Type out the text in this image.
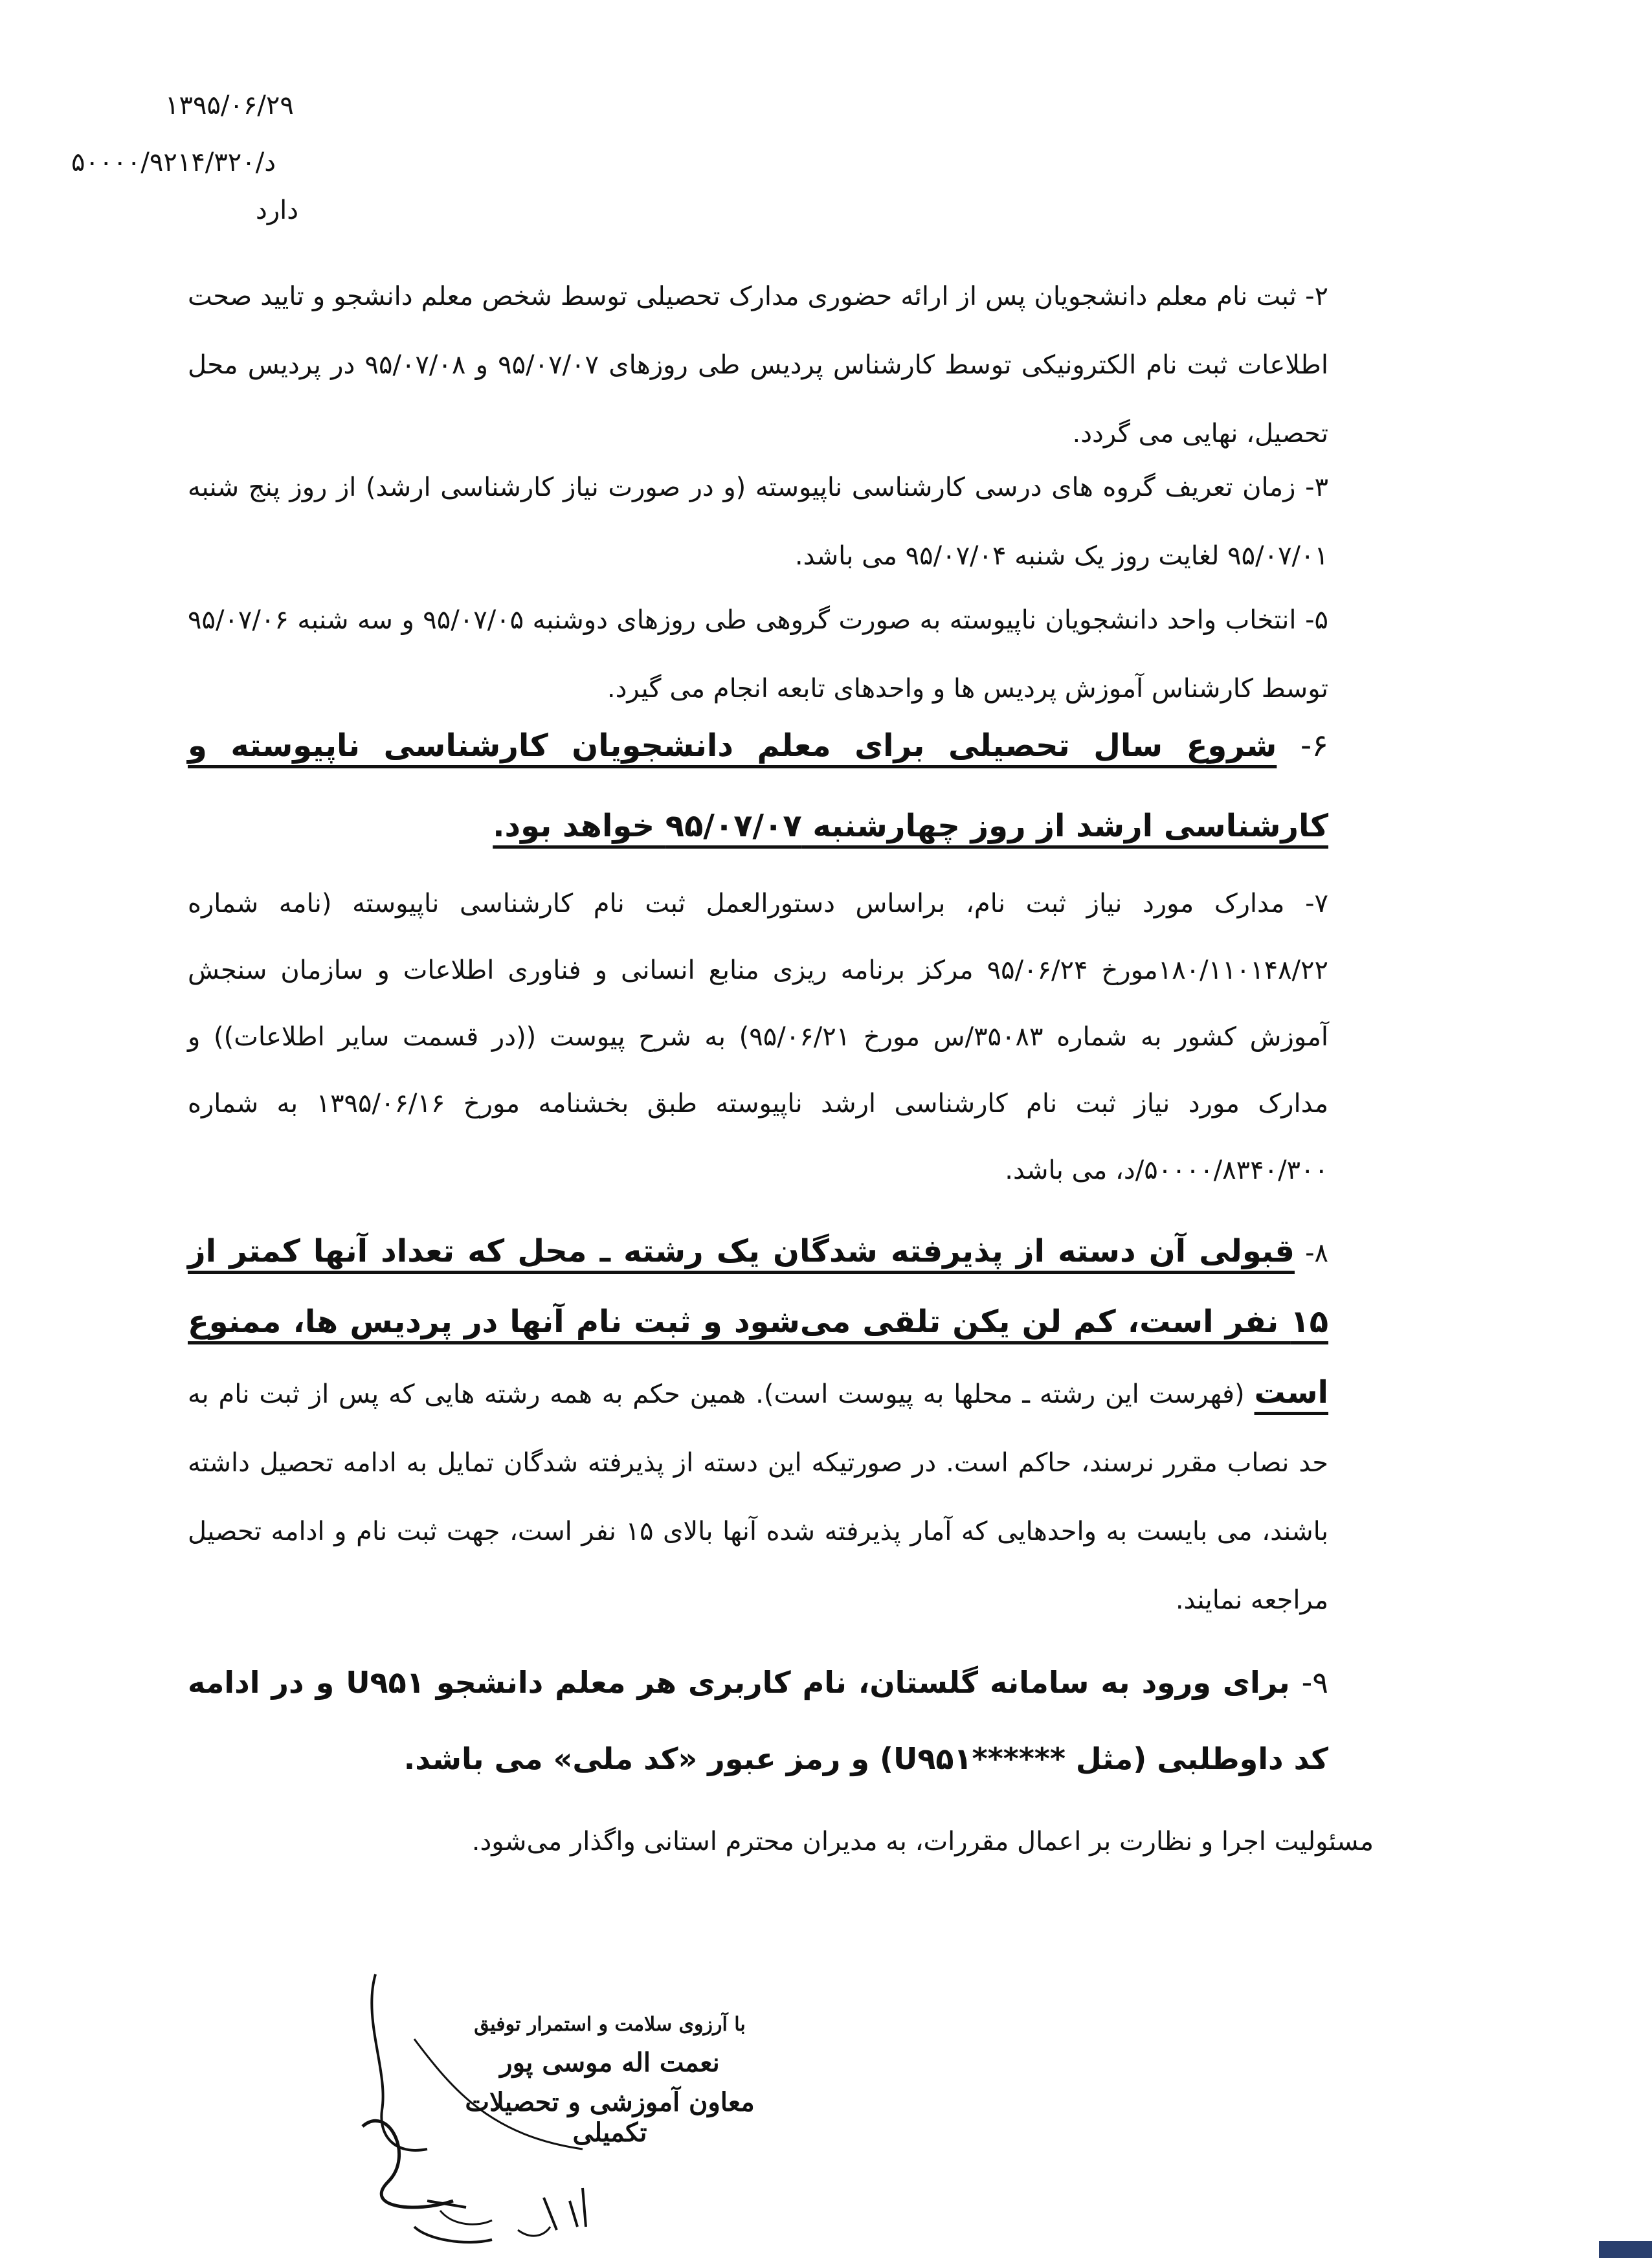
۱۳۹۵/۰۶/۲۹
۵۰۰۰۰/۹۲۱۴/۳۲۰/د
دارد

۲- ثبت نام معلم دانشجویان پس از ارائه حضوری مدارک تحصیلی توسط شخص معلم دانشجو و تایید صحت اطلاعات ثبت نام الکترونیکی توسط کارشناس پردیس طی روزهای ۹۵/۰۷/۰۷ و ۹۵/۰۷/۰۸ در پردیس محل تحصیل، نهایی می گردد.

۳- زمان تعریف گروه های درسی کارشناسی ناپیوسته (و در صورت نیاز کارشناسی ارشد) از روز پنج شنبه ۹۵/۰۷/۰۱ لغایت روز یک شنبه ۹۵/۰۷/۰۴ می باشد.

۵- انتخاب واحد دانشجویان ناپیوسته به صورت گروهی طی روزهای دوشنبه ۹۵/۰۷/۰۵ و سه شنبه ۹۵/۰۷/۰۶ توسط کارشناس آموزش پردیس ها و واحدهای تابعه انجام می گیرد.

۶- شروع سال تحصیلی برای معلم دانشجویان کارشناسی ناپیوسته و کارشناسی ارشد از روز چهارشنبه ۹۵/۰۷/۰۷ خواهد بود.

۷- مدارک مورد نیاز ثبت نام، براساس دستورالعمل ثبت نام کارشناسی ناپیوسته (نامه شماره ۱۸۰/۱۱۰۱۴۸/۲۲مورخ ۹۵/۰۶/۲۴ مرکز برنامه ریزی منابع انسانی و فناوری اطلاعات و سازمان سنجش آموزش کشور به شماره ۳۵۰۸۳/س مورخ ۹۵/۰۶/۲۱) به شرح پیوست ((در قسمت سایر اطلاعات)) و مدارک مورد نیاز ثبت نام کارشناسی ارشد ناپیوسته طبق بخشنامه مورخ ۱۳۹۵/۰۶/۱۶ به شماره ۵۰۰۰۰/۸۳۴۰/۳۰۰/د، می باشد.

۸- قبولی آن دسته از پذیرفته شدگان یک رشته ـ محل که تعداد آنها کمتر از ۱۵ نفر است، کم لن یکن تلقی می‌شود و ثبت نام آنها در پردیس ها، ممنوع است (فهرست این رشته ـ محلها به پیوست است). همین حکم به همه رشته هایی که پس از ثبت نام به حد نصاب مقرر نرسند، حاکم است. در صورتیکه این دسته از پذیرفته شدگان تمایل به ادامه تحصیل داشته باشند، می بایست به واحدهایی که آمار پذیرفته شده آنها بالای ۱۵ نفر است، جهت ثبت نام و ادامه تحصیل مراجعه نمایند.

۹- برای ورود به سامانه گلستان، نام کاربری هر معلم دانشجو U۹۵۱ و در ادامه کد داوطلبی (مثل ******U۹۵۱) و رمز عبور «کد ملی» می باشد.

مسئولیت اجرا و نظارت بر اعمال مقررات، به مدیران محترم استانی واگذار می‌شود.
با آرزوی سلامت و استمرار توفیق
نعمت اله موسی پور
معاون آموزشی و تحصیلات تکمیلی
